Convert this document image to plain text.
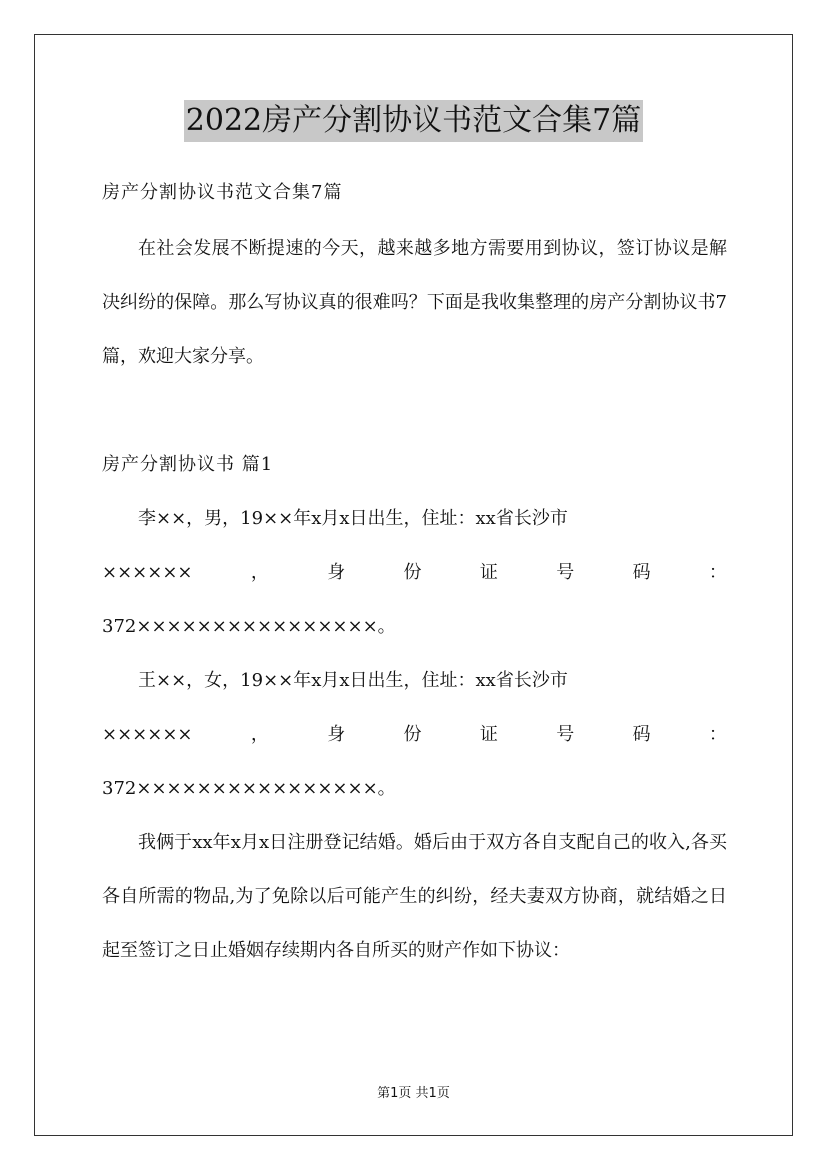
2022房产分割协议书范文合集7篇
房产分割协议书范文合集7篇

在社会发展不断提速的今天，越来越多地方需要用到协议，签订协议是解决纠纷的保障。那么写协议真的很难吗？下面是我收集整理的房产分割协议书7篇，欢迎大家分享。

房产分割协议书 篇1

李××，男，19××年x月x日出生，住址：xx省长沙市

××××××	，	身	份	证	号	码	：

372××××××××××××××××。

王××，女，19××年x月x日出生，住址：xx省长沙市

××××××	，	身	份	证	号	码	：

372××××××××××××××××。

我俩于xx年x月x日注册登记结婚。婚后由于双方各自支配自己的收入,各买各自所需的物品,为了免除以后可能产生的纠纷，经夫妻双方协商，就结婚之日起至签订之日止婚姻存续期内各自所买的财产作如下协议：

第1页 共1页
